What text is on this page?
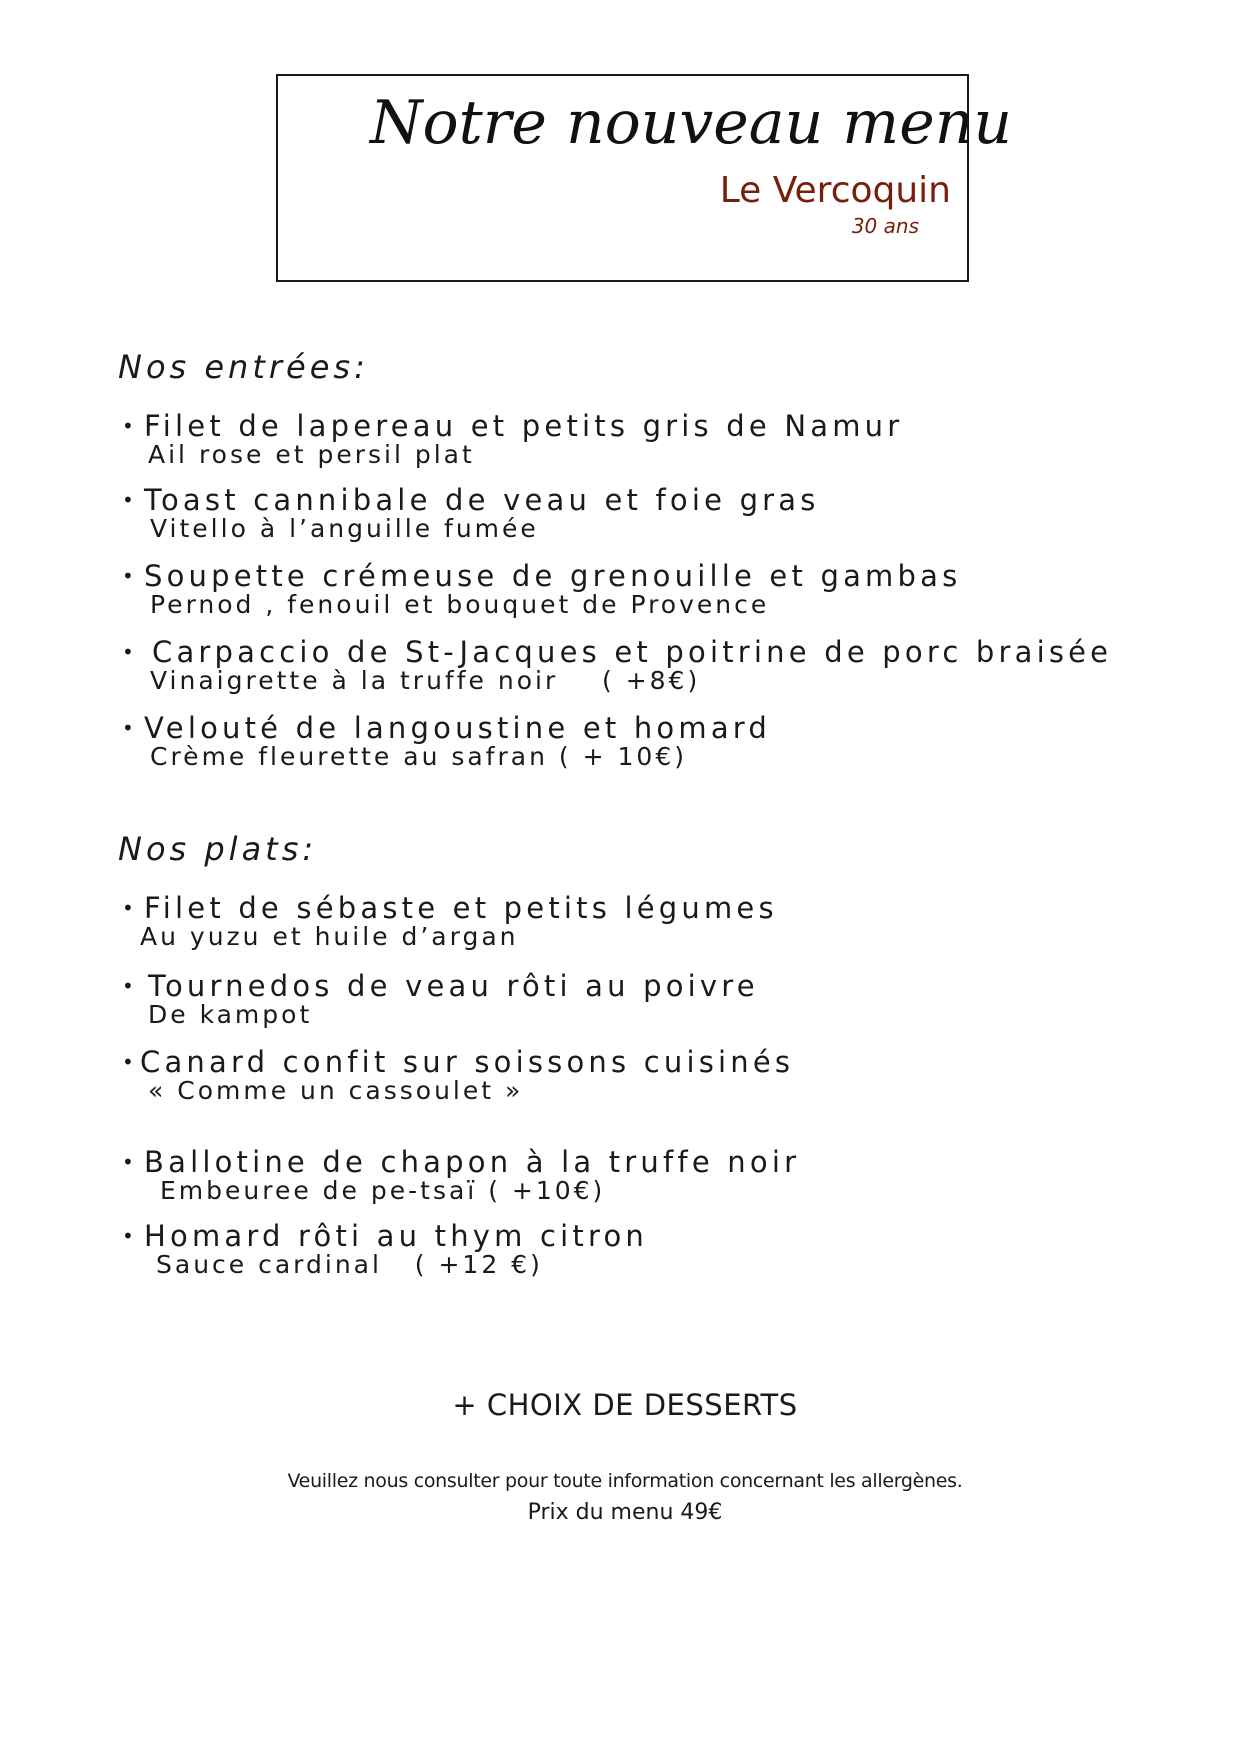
Notre nouveau menu
Le Vercoquin
30 ans
Nos entrées:
• Filet de lapereau et petits gris de Namur
Ail rose et persil plat
• Toast cannibale de veau et foie gras
Vitello à l’anguille fumée
• Soupette crémeuse de grenouille et gambas
Pernod , fenouil et bouquet de Provence
• Carpaccio de St-Jacques et poitrine de porc braisée
Vinaigrette à la truffe noir    ( +8€)
• Velouté de langoustine et homard
Crème fleurette au safran ( + 10€)
Nos plats:
• Filet de sébaste et petits légumes
Au yuzu et huile d’argan
• Tournedos de veau rôti au poivre
De kampot
•Canard confit sur soissons cuisinés
« Comme un cassoulet »
• Ballotine de chapon à la truffe noir
Embeuree de pe-tsaï ( +10€)
• Homard rôti au thym citron
Sauce cardinal   ( +12 €)
+ CHOIX DE DESSERTS
Veuillez nous consulter pour toute information concernant les allergènes.
Prix du menu 49€
